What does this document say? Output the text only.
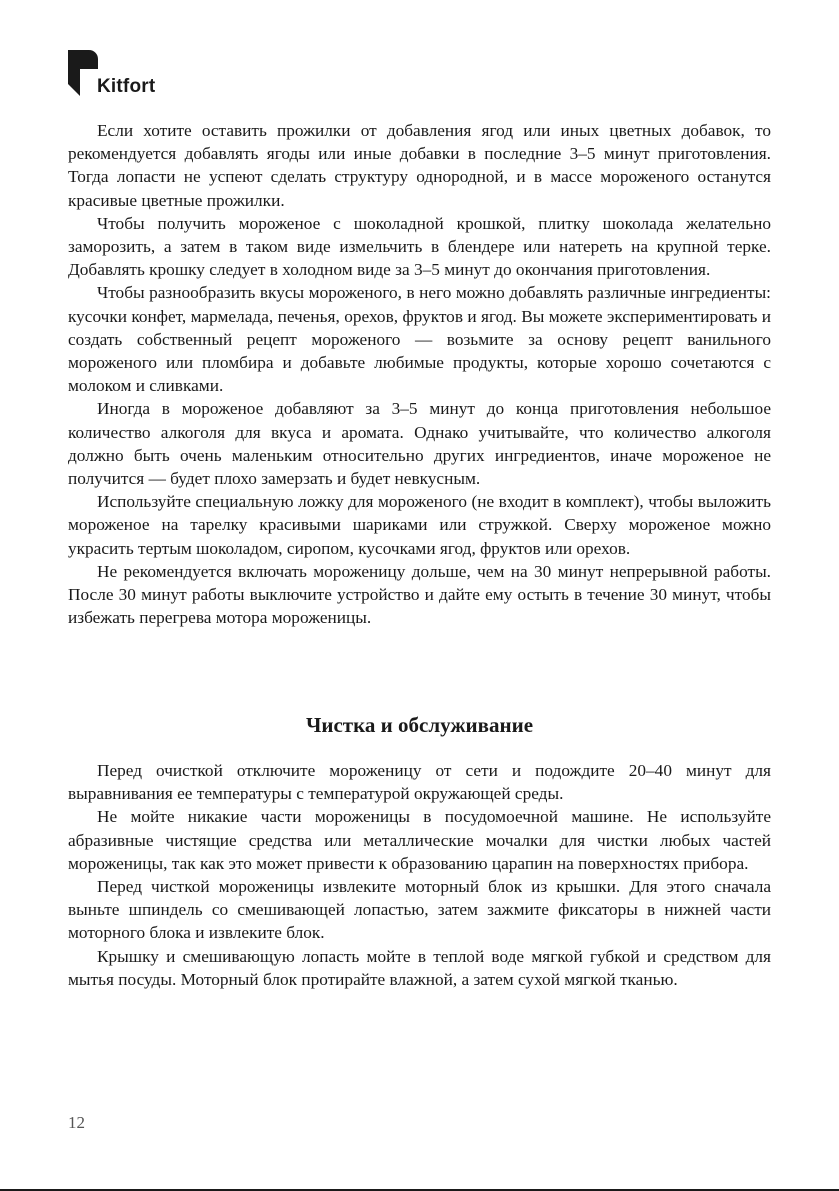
Kitfort

Если хотите оставить прожилки от добавления ягод или иных цветных добавок, то рекомендуется добавлять ягоды или иные добавки в последние 3–5 минут приготовления. Тогда лопасти не успеют сделать структуру однородной, и в массе мороженого останутся красивые цветные прожилки.

Чтобы получить мороженое с шоколадной крошкой, плитку шоколада желательно заморозить, а затем в таком виде измельчить в блендере или натереть на крупной терке. Добавлять крошку следует в холодном виде за 3–5 минут до окончания приготовления.

Чтобы разнообразить вкусы мороженого, в него можно добавлять различные ингредиенты: кусочки конфет, мармелада, печенья, орехов, фруктов и ягод. Вы можете экспериментировать и создать собственный рецепт мороженого — возьмите за основу рецепт ванильного мороженого или пломбира и добавьте любимые продукты, которые хорошо сочетаются с молоком и сливками.

Иногда в мороженое добавляют за 3–5 минут до конца приготовления небольшое количество алкоголя для вкуса и аромата. Однако учитывайте, что количество алкоголя должно быть очень маленьким относительно других ингредиентов, иначе мороженое не получится — будет плохо замерзать и будет невкусным.

Используйте специальную ложку для мороженого (не входит в комплект), чтобы выложить мороженое на тарелку красивыми шариками или стружкой. Сверху мороженое можно украсить тертым шоколадом, сиропом, кусочками ягод, фруктов или орехов.

Не рекомендуется включать мороженицу дольше, чем на 30 минут непрерывной работы. После 30 минут работы выключите устройство и дайте ему остыть в течение 30 минут, чтобы избежать перегрева мотора мороженицы.

Чистка и обслуживание

Перед очисткой отключите мороженицу от сети и подождите 20–40 минут для выравнивания ее температуры с температурой окружающей среды.

Не мойте никакие части мороженицы в посудомоечной машине. Не используйте абразивные чистящие средства или металлические мочалки для чистки любых частей мороженицы, так как это может привести к образованию царапин на поверхностях прибора.

Перед чисткой мороженицы извлеките моторный блок из крышки. Для этого сначала выньте шпиндель со смешивающей лопастью, затем зажмите фиксаторы в нижней части моторного блока и извлеките блок.

Крышку и смешивающую лопасть мойте в теплой воде мягкой губкой и средством для мытья посуды. Моторный блок протирайте влажной, а затем сухой мягкой тканью.

12
